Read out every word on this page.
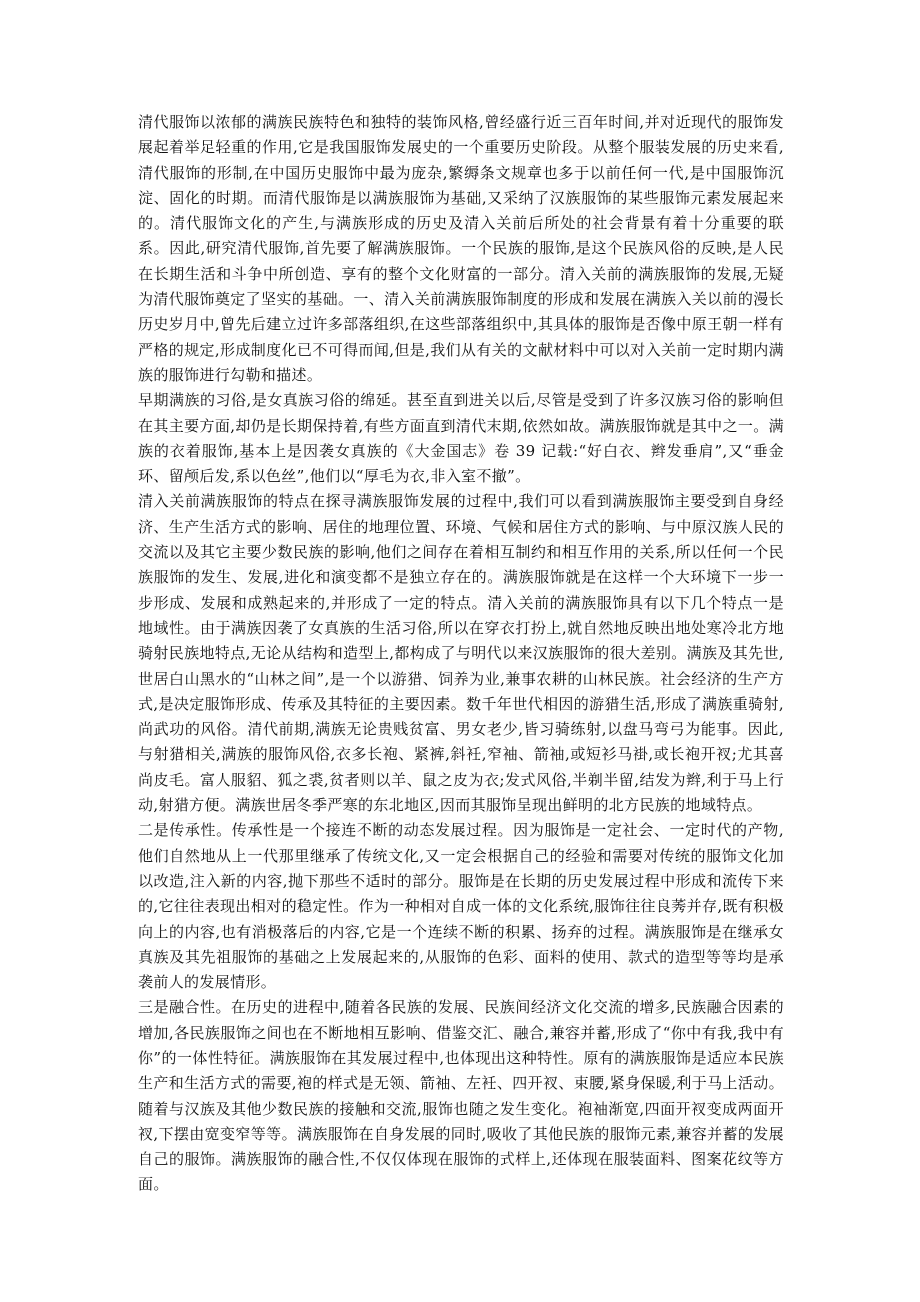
清代服饰以浓郁的满族民族特色和独特的装饰风格,曾经盛行近三百年时间,并对近现代的服饰发展起着举足轻重的作用,它是我国服饰发展史的一个重要历史阶段。从整个服装发展的历史来看,清代服饰的形制,在中国历史服饰中最为庞杂,繁缛条文规章也多于以前任何一代,是中国服饰沉淀、固化的时期。而清代服饰是以满族服饰为基础,又采纳了汉族服饰的某些服饰元素发展起来的。清代服饰文化的产生,与满族形成的历史及清入关前后所处的社会背景有着十分重要的联系。因此,研究清代服饰,首先要了解满族服饰。一个民族的服饰,是这个民族风俗的反映,是人民在长期生活和斗争中所创造、享有的整个文化财富的一部分。清入关前的满族服饰的发展,无疑为清代服饰奠定了坚实的基础。一、清入关前满族服饰制度的形成和发展在满族入关以前的漫长历史岁月中,曾先后建立过许多部落组织,在这些部落组织中,其具体的服饰是否像中原王朝一样有严格的规定,形成制度化已不可得而闻,但是,我们从有关的文献材料中可以对入关前一定时期内满族的服饰进行勾勒和描述。

早期满族的习俗,是女真族习俗的绵延。甚至直到进关以后,尽管是受到了许多汉族习俗的影响但在其主要方面,却仍是长期保持着,有些方面直到清代末期,依然如故。满族服饰就是其中之一。满族的衣着服饰,基本上是因袭女真族的《大金国志》卷 39 记载:“好白衣、辫发垂肩”,又“垂金环、留颅后发,系以色丝”,他们以“厚毛为衣,非入室不撤”。

清入关前满族服饰的特点在探寻满族服饰发展的过程中,我们可以看到满族服饰主要受到自身经济、生产生活方式的影响、居住的地理位置、环境、气候和居住方式的影响、与中原汉族人民的交流以及其它主要少数民族的影响,他们之间存在着相互制约和相互作用的关系,所以任何一个民族服饰的发生、发展,进化和演变都不是独立存在的。满族服饰就是在这样一个大环境下一步一步形成、发展和成熟起来的,并形成了一定的特点。清入关前的满族服饰具有以下几个特点一是地域性。由于满族因袭了女真族的生活习俗,所以在穿衣打扮上,就自然地反映出地处寒冷北方地骑射民族地特点,无论从结构和造型上,都构成了与明代以来汉族服饰的很大差别。满族及其先世,世居白山黑水的“山林之间”,是一个以游猎、饲养为业,兼事农耕的山林民族。社会经济的生产方式,是决定服饰形成、传承及其特征的主要因素。数千年世代相因的游猎生活,形成了满族重骑射,尚武功的风俗。清代前期,满族无论贵贱贫富、男女老少,皆习骑练射,以盘马弯弓为能事。因此,与射猎相关,满族的服饰风俗,衣多长袍、紧裤,斜衽,窄袖、箭袖,或短衫马褂,或长袍开衩;尤其喜尚皮毛。富人服貂、狐之裘,贫者则以羊、鼠之皮为衣;发式风俗,半剃半留,结发为辫,利于马上行动,射猎方便。满族世居冬季严寒的东北地区,因而其服饰呈现出鲜明的北方民族的地域特点。

二是传承性。传承性是一个接连不断的动态发展过程。因为服饰是一定社会、一定时代的产物,他们自然地从上一代那里继承了传统文化,又一定会根据自己的经验和需要对传统的服饰文化加以改造,注入新的内容,抛下那些不适时的部分。服饰是在长期的历史发展过程中形成和流传下来的,它往往表现出相对的稳定性。作为一种相对自成一体的文化系统,服饰往往良莠并存,既有积极向上的内容,也有消极落后的内容,它是一个连续不断的积累、扬弃的过程。满族服饰是在继承女真族及其先祖服饰的基础之上发展起来的,从服饰的色彩、面料的使用、款式的造型等等均是承袭前人的发展情形。

三是融合性。在历史的进程中,随着各民族的发展、民族间经济文化交流的增多,民族融合因素的增加,各民族服饰之间也在不断地相互影响、借鉴交汇、融合,兼容并蓄,形成了“你中有我,我中有你”的一体性特征。满族服饰在其发展过程中,也体现出这种特性。原有的满族服饰是适应本民族生产和生活方式的需要,袍的样式是无领、箭袖、左衽、四开衩、束腰,紧身保暖,利于马上活动。随着与汉族及其他少数民族的接触和交流,服饰也随之发生变化。袍袖渐宽,四面开衩变成两面开衩,下摆由宽变窄等等。满族服饰在自身发展的同时,吸收了其他民族的服饰元素,兼容并蓄的发展自己的服饰。满族服饰的融合性,不仅仅体现在服饰的式样上,还体现在服装面料、图案花纹等方面。
